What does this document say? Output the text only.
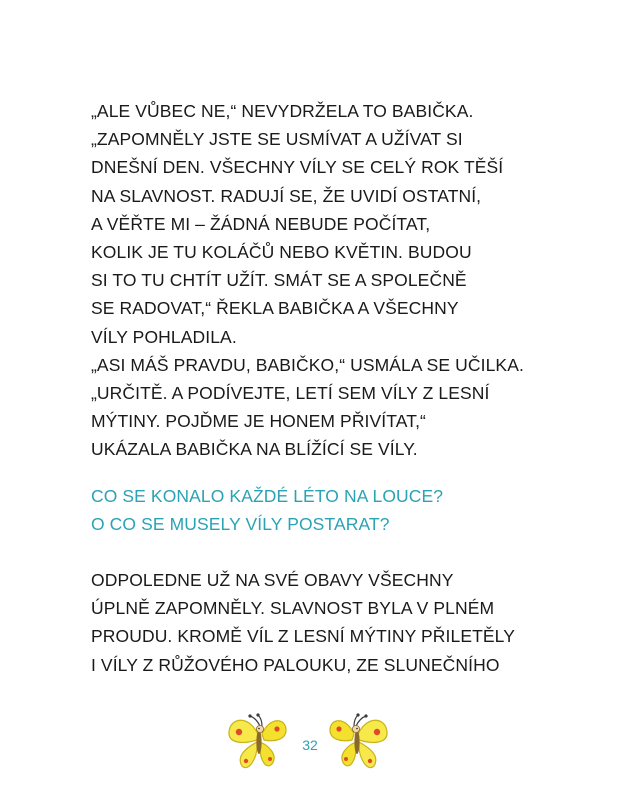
„ALE VŮBEC NE,“ NEVYDRŽELA TO BABIČKA.
„ZAPOMNĚLY JSTE SE USMÍVAT A UŽÍVAT SI
DNEŠNÍ DEN. VŠECHNY VÍLY SE CELÝ ROK TĚŠÍ
NA SLAVNOST. RADUJÍ SE, ŽE UVIDÍ OSTATNÍ,
A VĚŘTE MI – ŽÁDNÁ NEBUDE POČÍTAT,
KOLIK JE TU KOLÁČŮ NEBO KVĚTIN. BUDOU
SI TO TU CHTÍT UŽÍT. SMÁT SE A SPOLEČNĚ
SE RADOVAT,“ ŘEKLA BABIČKA A VŠECHNY
VÍLY POHLADILA.
„ASI MÁŠ PRAVDU, BABIČKO,“ USMÁLA SE UČILKA.
„URČITĚ. A PODÍVEJTE, LETÍ SEM VÍLY Z LESNÍ
MÝTINY. POJĎME JE HONEM PŘIVÍTAT,“
UKÁZALA BABIČKA NA BLÍŽÍCÍ SE VÍLY.
CO SE KONALO KAŽDÉ LÉTO NA LOUCE?
O CO SE MUSELY VÍLY POSTARAT?
ODPOLEDNE UŽ NA SVÉ OBAVY VŠECHNY
ÚPLNĚ ZAPOMNĚLY. SLAVNOST BYLA V PLNÉM
PROUDU. KROMĚ VÍL Z LESNÍ MÝTINY PŘILETĚLY
I VÍLY Z RŮŽOVÉHO PALOUKU, ZE SLUNEČNÍHO
32
